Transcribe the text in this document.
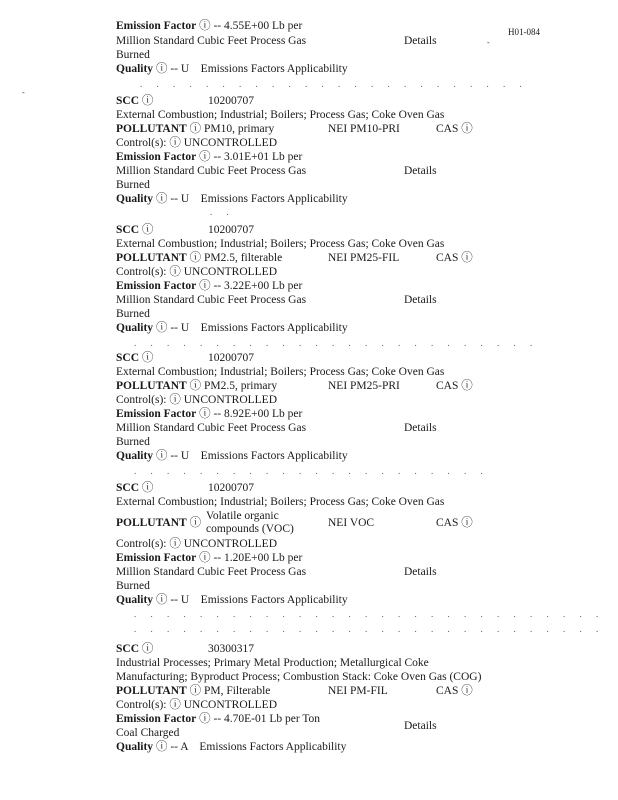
H01-084
-
-
Emission Factor ⓘ -- 4.55E+00 Lb per
Million Standard Cubic Feet Process Gas	Details
Burned
Quality ⓘ -- U Emissions Factors Applicability
. . . . . . . . . . . . . . . . . . . . . . . .
SCC ⓘ	10200707
External Combustion; Industrial; Boilers; Process Gas; Coke Oven Gas
POLLUTANT ⓘ PM10, primary	NEI PM10-PRI	CAS ⓘ
Control(s): ⓘ UNCONTROLLED
Emission Factor ⓘ -- 3.01E+01 Lb per
Million Standard Cubic Feet Process Gas	Details
Burned
Quality ⓘ -- U Emissions Factors Applicability
. .
SCC ⓘ	10200707
External Combustion; Industrial; Boilers; Process Gas; Coke Oven Gas
POLLUTANT ⓘ PM2.5, filterable	NEI PM25-FIL	CAS ⓘ
Control(s): ⓘ UNCONTROLLED
Emission Factor ⓘ -- 3.22E+00 Lb per
Million Standard Cubic Feet Process Gas	Details
Burned
Quality ⓘ -- U Emissions Factors Applicability
. . . . . . . . . . . . . . . . . . . . . . . . .
SCC ⓘ	10200707
External Combustion; Industrial; Boilers; Process Gas; Coke Oven Gas
POLLUTANT ⓘ PM2.5, primary	NEI PM25-PRI	CAS ⓘ
Control(s): ⓘ UNCONTROLLED
Emission Factor ⓘ -- 8.92E+00 Lb per
Million Standard Cubic Feet Process Gas	Details
Burned
Quality ⓘ -- U Emissions Factors Applicability
. . . . . . . . . . . . . . . . . . . . . .
SCC ⓘ	10200707
External Combustion; Industrial; Boilers; Process Gas; Coke Oven Gas
POLLUTANT ⓘ
Volatile organic
compounds (VOC)	NEI VOC	CAS ⓘ
Control(s): ⓘ UNCONTROLLED
Emission Factor ⓘ -- 1.20E+00 Lb per
Million Standard Cubic Feet Process Gas	Details
Burned
Quality ⓘ -- U Emissions Factors Applicability
. . . . . . . . . . . . . . . . . . . . . . . . . . . . .
. . . . . . . . . . . . . . . . . . . . . . . . . . . . .
SCC ⓘ	30300317
Industrial Processes; Primary Metal Production; Metallurgical Coke
Manufacturing; Byproduct Process; Combustion Stack: Coke Oven Gas (COG)
POLLUTANT ⓘ PM, Filterable	NEI PM-FIL	CAS ⓘ
Control(s): ⓘ UNCONTROLLED
Emission Factor ⓘ -- 4.70E-01 Lb per Ton
Coal Charged
Details
Quality ⓘ -- A Emissions Factors Applicability
